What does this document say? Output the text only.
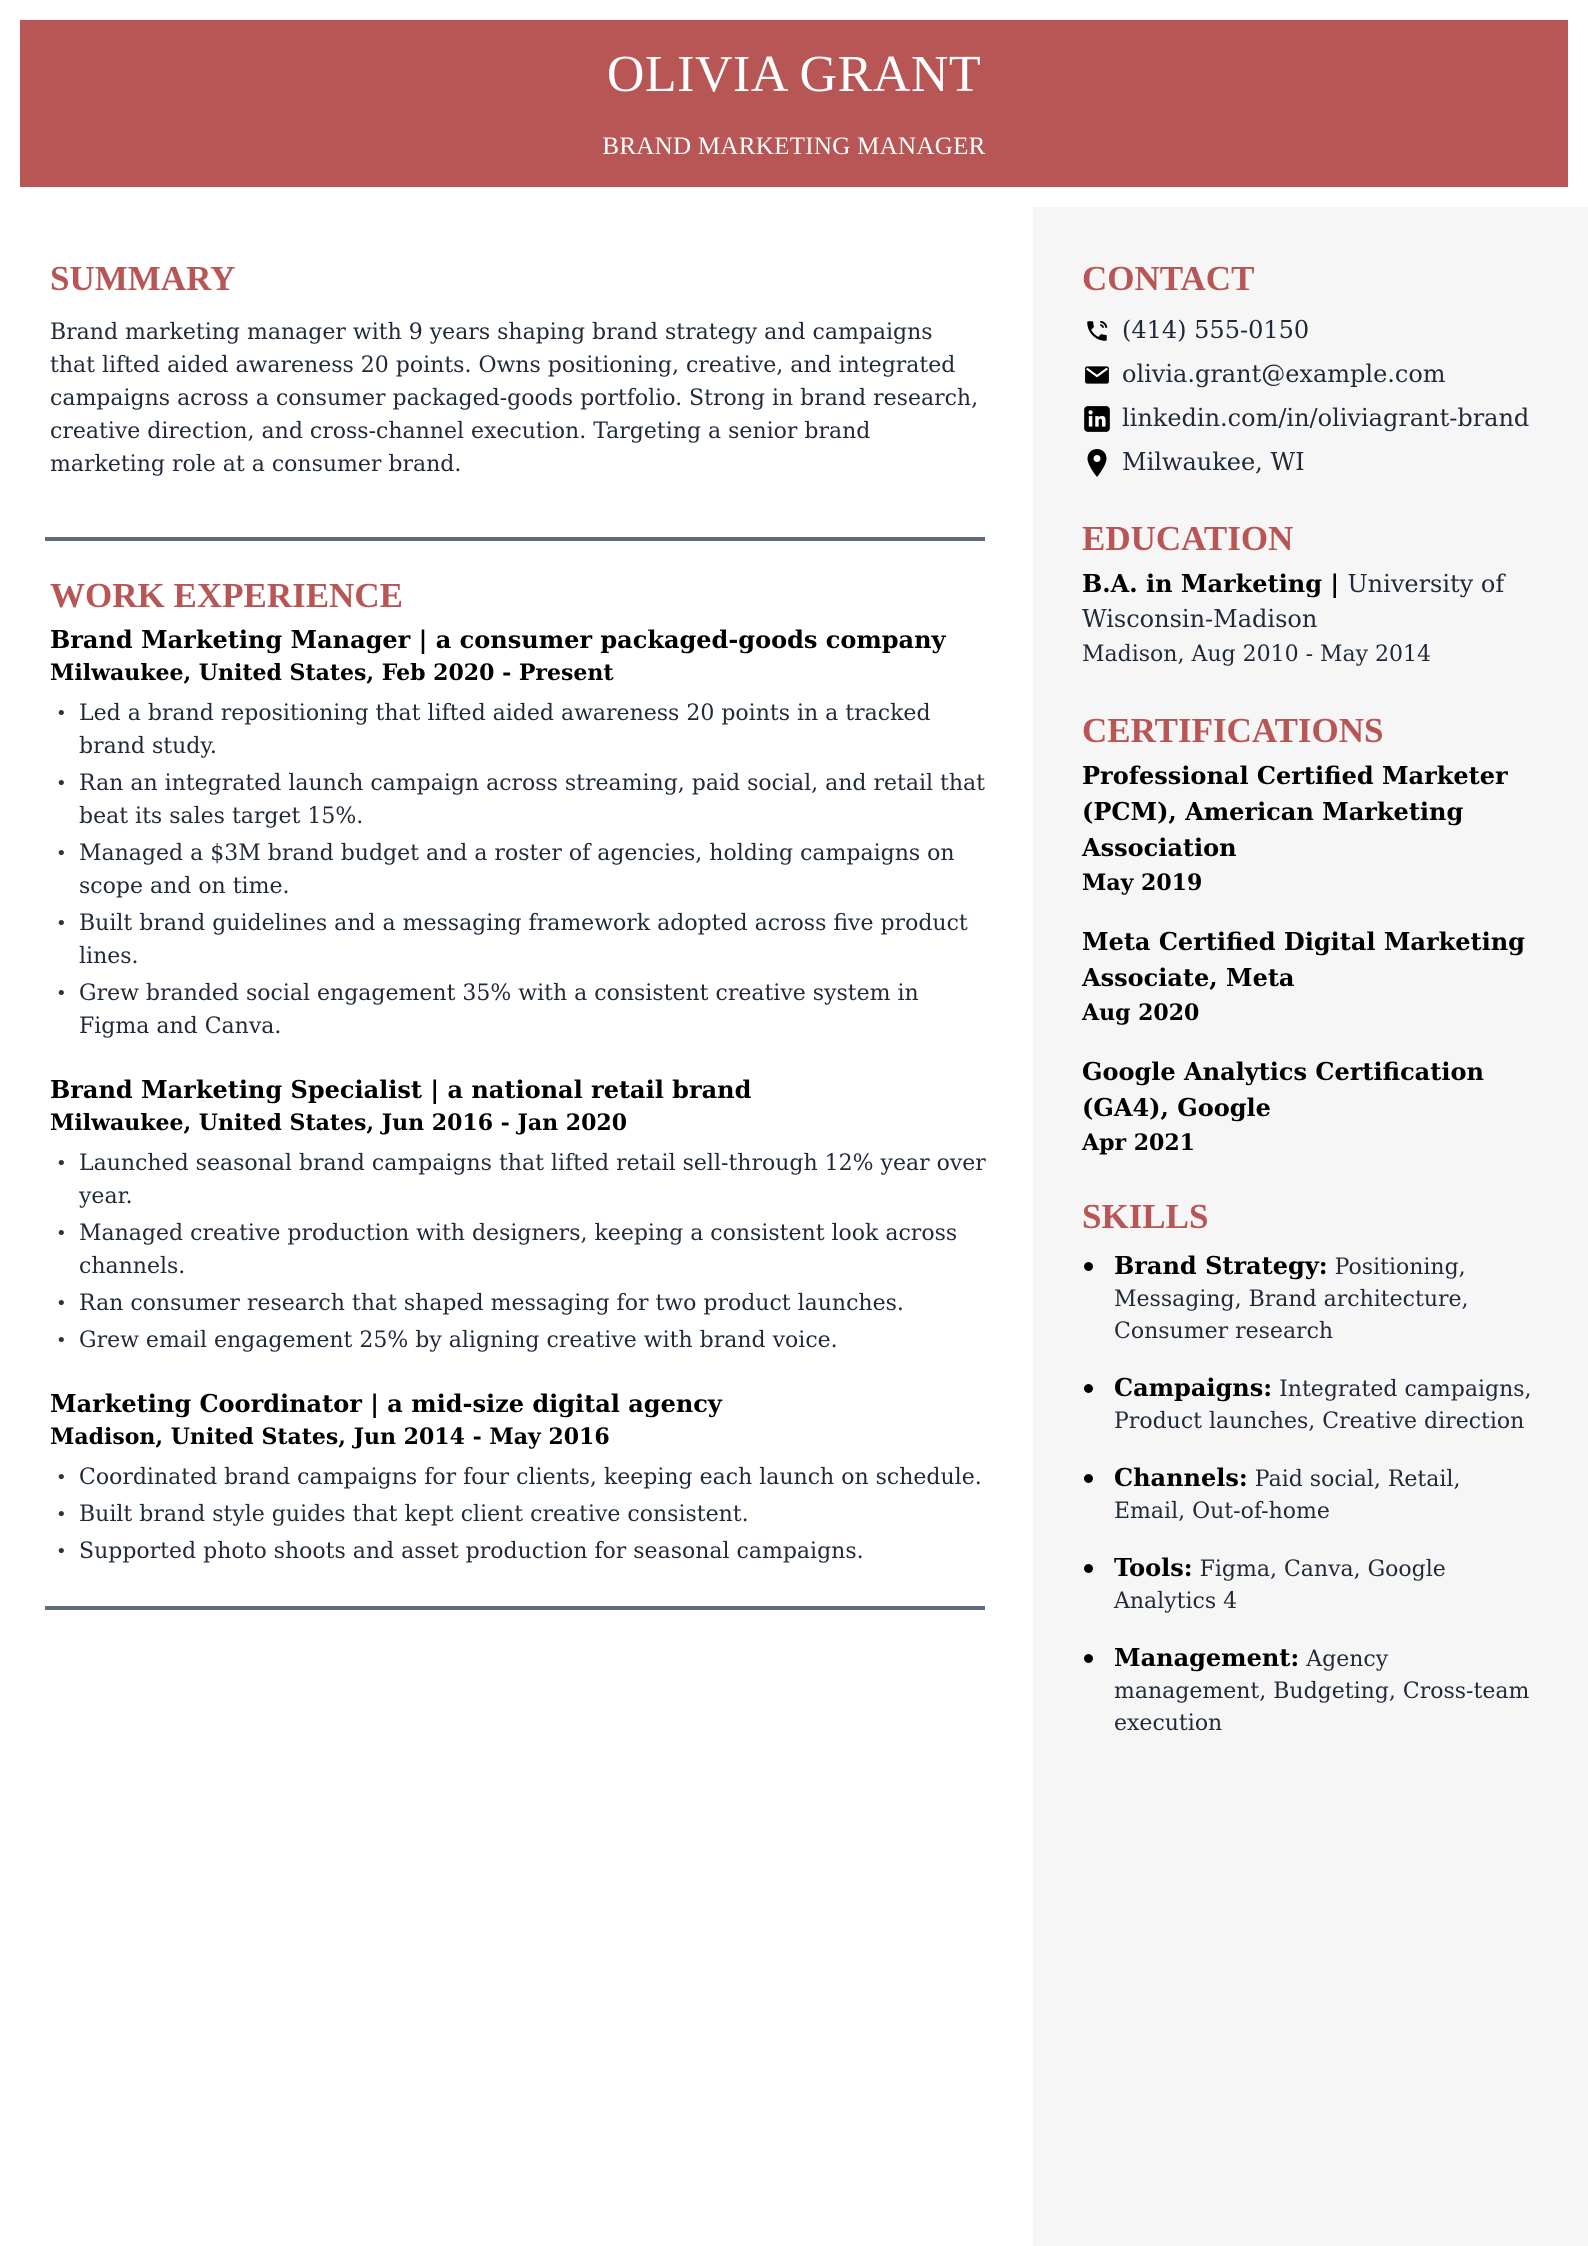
OLIVIA GRANT
BRAND MARKETING MANAGER
SUMMARY
Brand marketing manager with 9 years shaping brand strategy and campaigns that lifted aided awareness 20 points. Owns positioning, creative, and integrated campaigns across a consumer packaged-goods portfolio. Strong in brand research, creative direction, and cross-channel execution. Targeting a senior brand marketing role at a consumer brand.
WORK EXPERIENCE
Brand Marketing Manager | a consumer packaged-goods company
Milwaukee, United States, Feb 2020 - Present
• Led a brand repositioning that lifted aided awareness 20 points in a tracked brand study.
• Ran an integrated launch campaign across streaming, paid social, and retail that beat its sales target 15%.
• Managed a $3M brand budget and a roster of agencies, holding campaigns on scope and on time.
• Built brand guidelines and a messaging framework adopted across five product lines.
• Grew branded social engagement 35% with a consistent creative system in Figma and Canva.
Brand Marketing Specialist | a national retail brand
Milwaukee, United States, Jun 2016 - Jan 2020
• Launched seasonal brand campaigns that lifted retail sell-through 12% year over year.
• Managed creative production with designers, keeping a consistent look across channels.
• Ran consumer research that shaped messaging for two product launches.
• Grew email engagement 25% by aligning creative with brand voice.
Marketing Coordinator | a mid-size digital agency
Madison, United States, Jun 2014 - May 2016
• Coordinated brand campaigns for four clients, keeping each launch on schedule.
• Built brand style guides that kept client creative consistent.
• Supported photo shoots and asset production for seasonal campaigns.
CONTACT
(414) 555-0150
olivia.grant@example.com
linkedin.com/in/oliviagrant-brand
Milwaukee, WI
EDUCATION
B.A. in Marketing | University of Wisconsin-Madison
Madison, Aug 2010 - May 2014
CERTIFICATIONS
Professional Certified Marketer (PCM), American Marketing Association
May 2019
Meta Certified Digital Marketing Associate, Meta
Aug 2020
Google Analytics Certification (GA4), Google
Apr 2021
SKILLS
Brand Strategy: Positioning, Messaging, Brand architecture, Consumer research
Campaigns: Integrated campaigns, Product launches, Creative direction
Channels: Paid social, Retail, Email, Out-of-home
Tools: Figma, Canva, Google Analytics 4
Management: Agency management, Budgeting, Cross-team execution
